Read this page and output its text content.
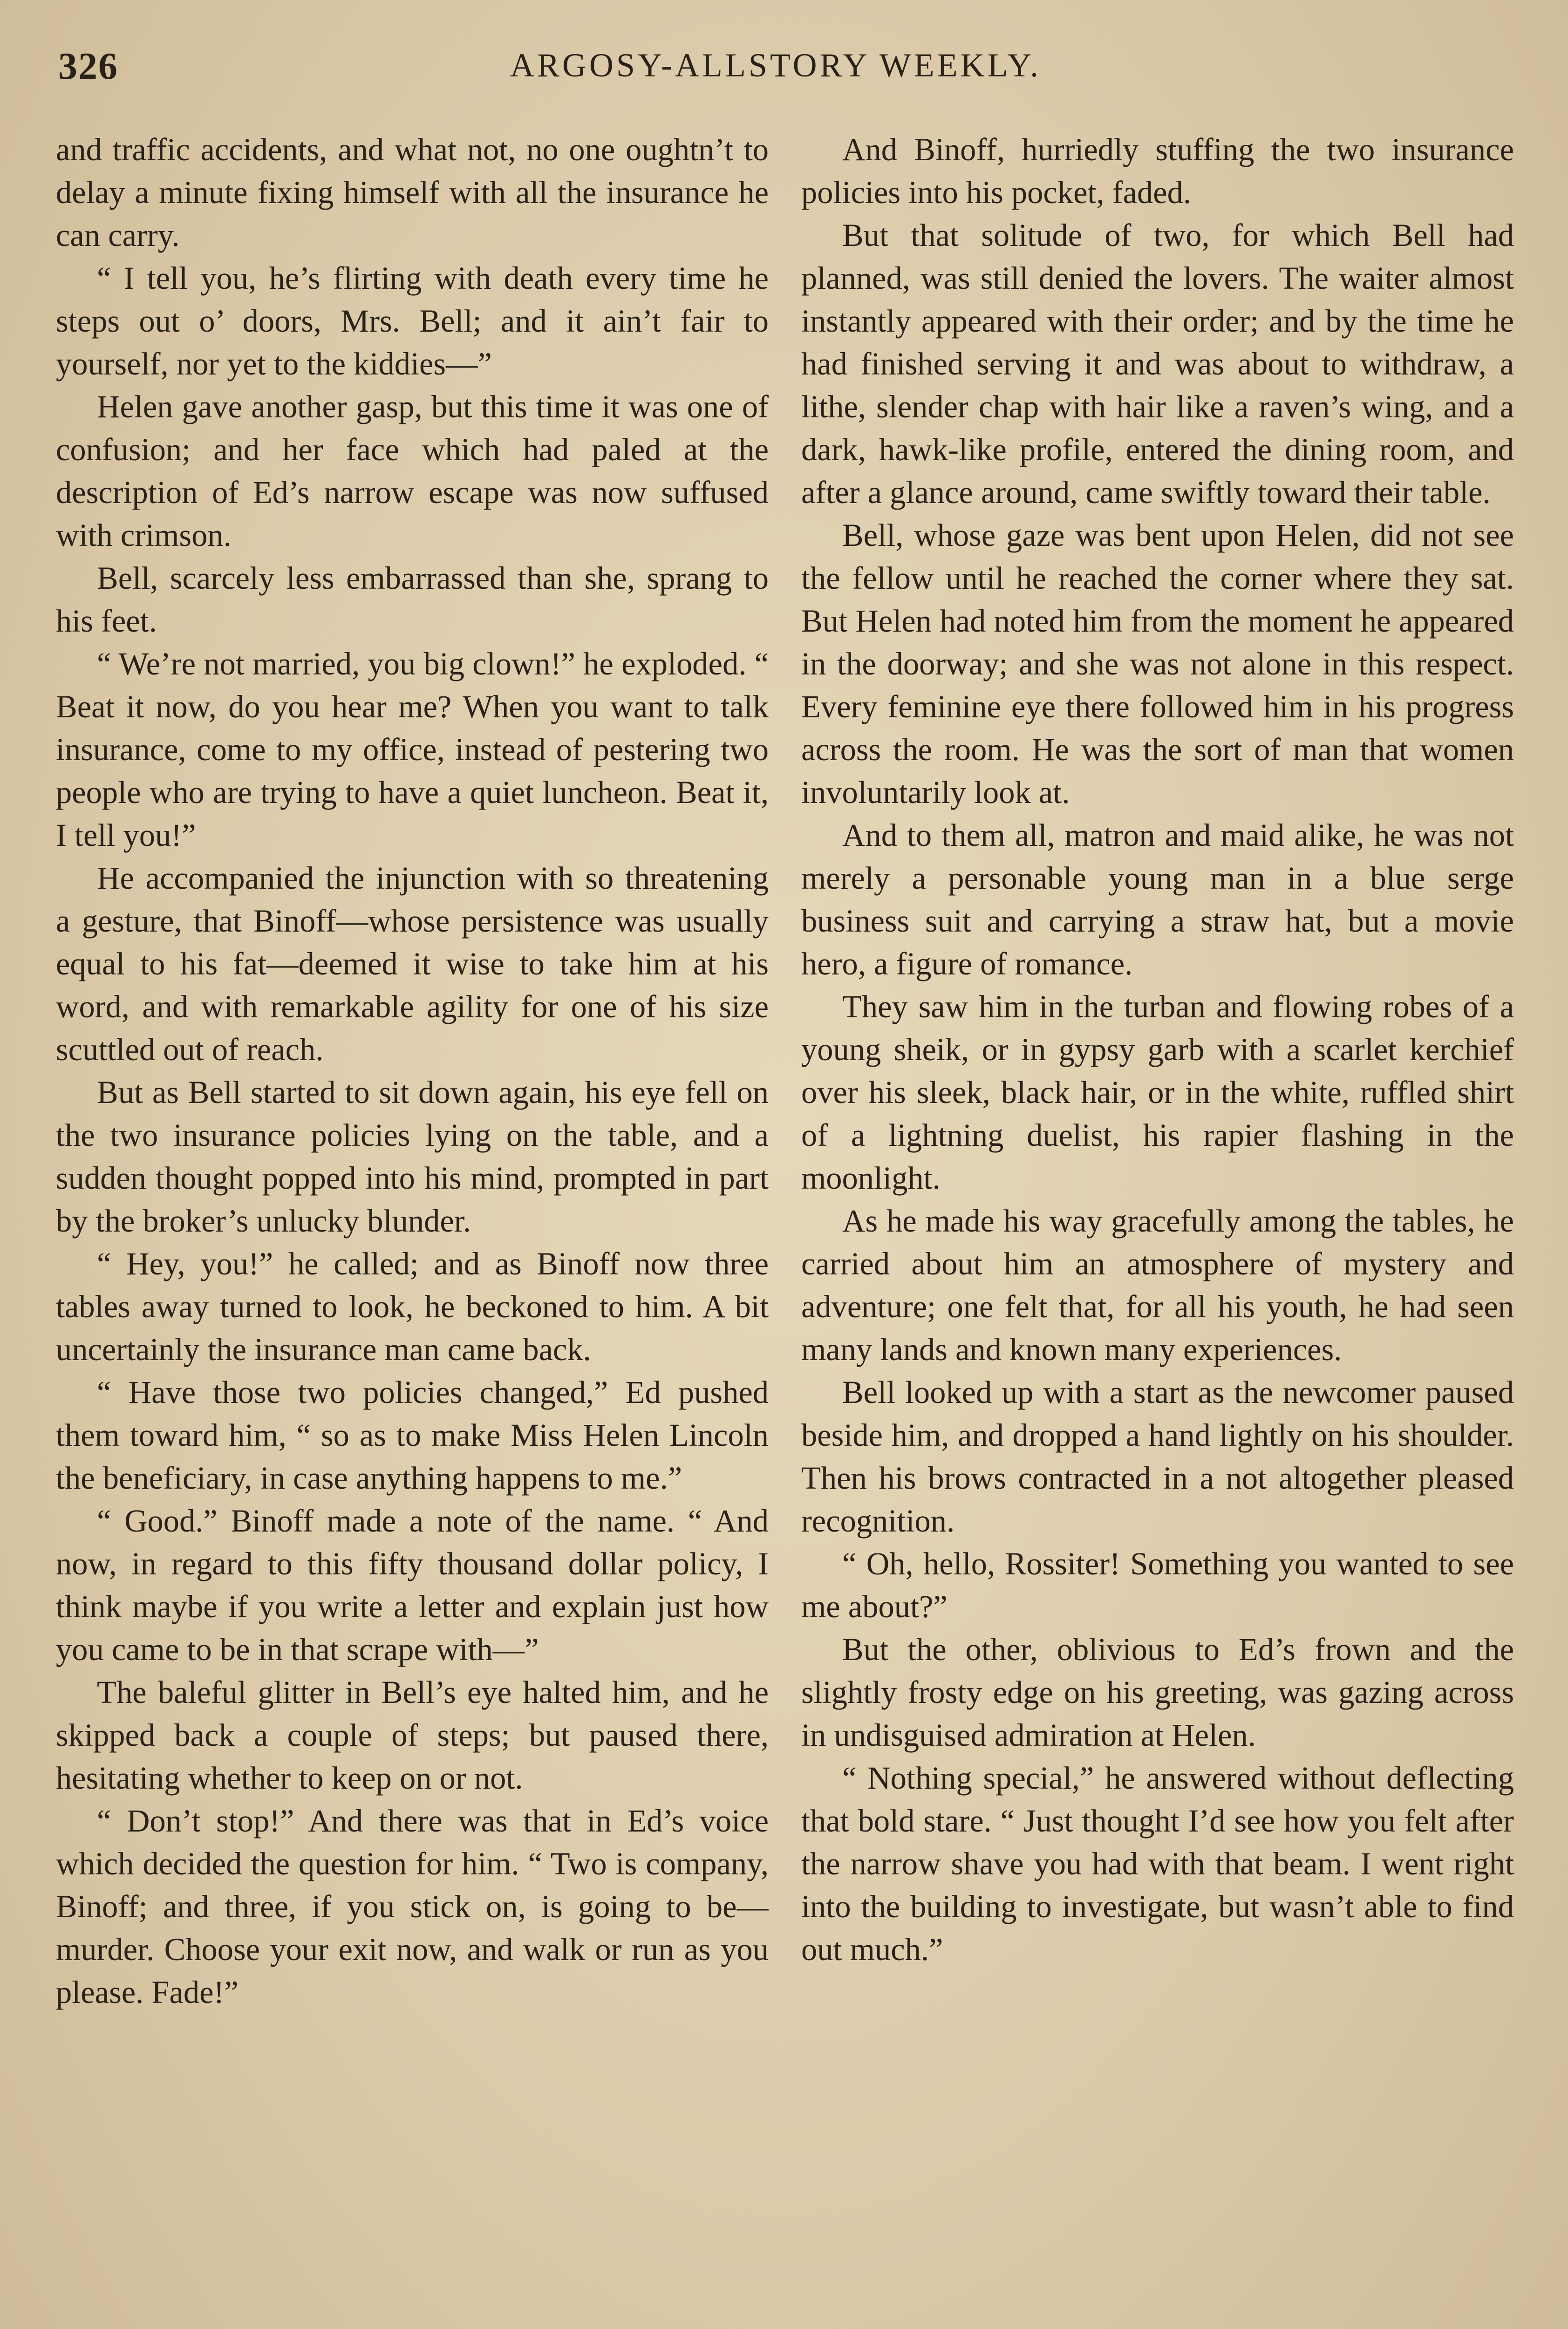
326	ARGOSY-ALLSTORY WEEKLY.

and traffic accidents, and what not, no one oughtn’t to delay a minute fixing himself with all the insurance he can carry.

“ I tell you, he’s flirting with death every time he steps out o’ doors, Mrs. Bell; and it ain’t fair to yourself, nor yet to the kiddies—”

Helen gave another gasp, but this time it was one of confusion; and her face which had paled at the description of Ed’s narrow escape was now suffused with crimson.

Bell, scarcely less embarrassed than she, sprang to his feet.

“ We’re not married, you big clown!” he exploded. “ Beat it now, do you hear me? When you want to talk insurance, come to my office, instead of pestering two people who are trying to have a quiet luncheon. Beat it, I tell you!”

He accompanied the injunction with so threatening a gesture, that Binoff—whose persistence was usually equal to his fat—deemed it wise to take him at his word, and with remarkable agility for one of his size scuttled out of reach.

But as Bell started to sit down again, his eye fell on the two insurance policies lying on the table, and a sudden thought popped into his mind, prompted in part by the broker’s unlucky blunder.

“ Hey, you!” he called; and as Binoff now three tables away turned to look, he beckoned to him. A bit uncertainly the insurance man came back.

“ Have those two policies changed,” Ed pushed them toward him, “ so as to make Miss Helen Lincoln the beneficiary, in case anything happens to me.”

“ Good.” Binoff made a note of the name. “ And now, in regard to this fifty thousand dollar policy, I think maybe if you write a letter and explain just how you came to be in that scrape with—”

The baleful glitter in Bell’s eye halted him, and he skipped back a couple of steps; but paused there, hesitating whether to keep on or not.

“ Don’t stop!” And there was that in Ed’s voice which decided the question for him. “ Two is company, Binoff; and three, if you stick on, is going to be—murder. Choose your exit now, and walk or run as you please. Fade!”

And Binoff, hurriedly stuffing the two insurance policies into his pocket, faded.

But that solitude of two, for which Bell had planned, was still denied the lovers. The waiter almost instantly appeared with their order; and by the time he had finished serving it and was about to withdraw, a lithe, slender chap with hair like a raven’s wing, and a dark, hawk-like profile, entered the dining room, and after a glance around, came swiftly toward their table.

Bell, whose gaze was bent upon Helen, did not see the fellow until he reached the corner where they sat. But Helen had noted him from the moment he appeared in the doorway; and she was not alone in this respect. Every feminine eye there followed him in his progress across the room. He was the sort of man that women involuntarily look at.

And to them all, matron and maid alike, he was not merely a personable young man in a blue serge business suit and carrying a straw hat, but a movie hero, a figure of romance.

They saw him in the turban and flowing robes of a young sheik, or in gypsy garb with a scarlet kerchief over his sleek, black hair, or in the white, ruffled shirt of a lightning duelist, his rapier flashing in the moonlight.

As he made his way gracefully among the tables, he carried about him an atmosphere of mystery and adventure; one felt that, for all his youth, he had seen many lands and known many experiences.

Bell looked up with a start as the newcomer paused beside him, and dropped a hand lightly on his shoulder. Then his brows contracted in a not altogether pleased recognition.

“ Oh, hello, Rossiter! Something you wanted to see me about?”

But the other, oblivious to Ed’s frown and the slightly frosty edge on his greeting, was gazing across in undisguised admiration at Helen.

“ Nothing special,” he answered without deflecting that bold stare. “ Just thought I’d see how you felt after the narrow shave you had with that beam. I went right into the building to investigate, but wasn’t able to find out much.”
